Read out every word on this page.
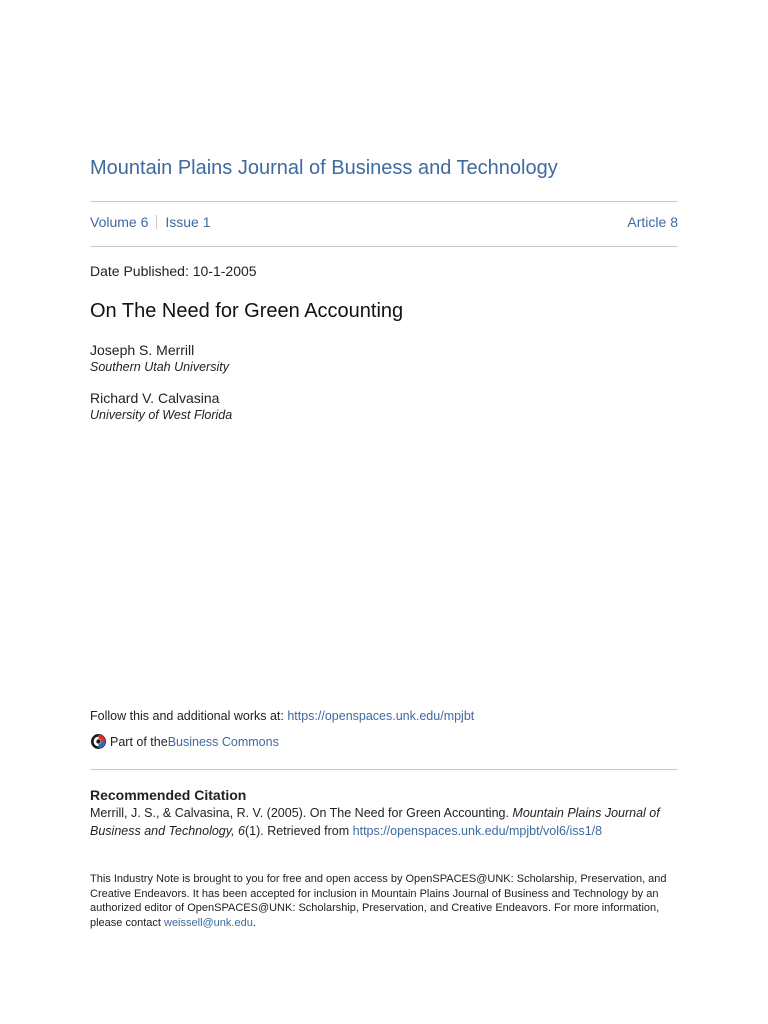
Mountain Plains Journal of Business and Technology
Volume 6 Issue 1	Article 8
Date Published: 10-1-2005
On The Need for Green Accounting
Joseph S. Merrill
Southern Utah University
Richard V. Calvasina
University of West Florida
Follow this and additional works at: https://openspaces.unk.edu/mpjbt
Part of the Business Commons
Recommended Citation
Merrill, J. S., & Calvasina, R. V. (2005). On The Need for Green Accounting. Mountain Plains Journal of Business and Technology, 6(1). Retrieved from https://openspaces.unk.edu/mpjbt/vol6/iss1/8
This Industry Note is brought to you for free and open access by OpenSPACES@UNK: Scholarship, Preservation, and Creative Endeavors. It has been accepted for inclusion in Mountain Plains Journal of Business and Technology by an authorized editor of OpenSPACES@UNK: Scholarship, Preservation, and Creative Endeavors. For more information, please contact weissell@unk.edu.
